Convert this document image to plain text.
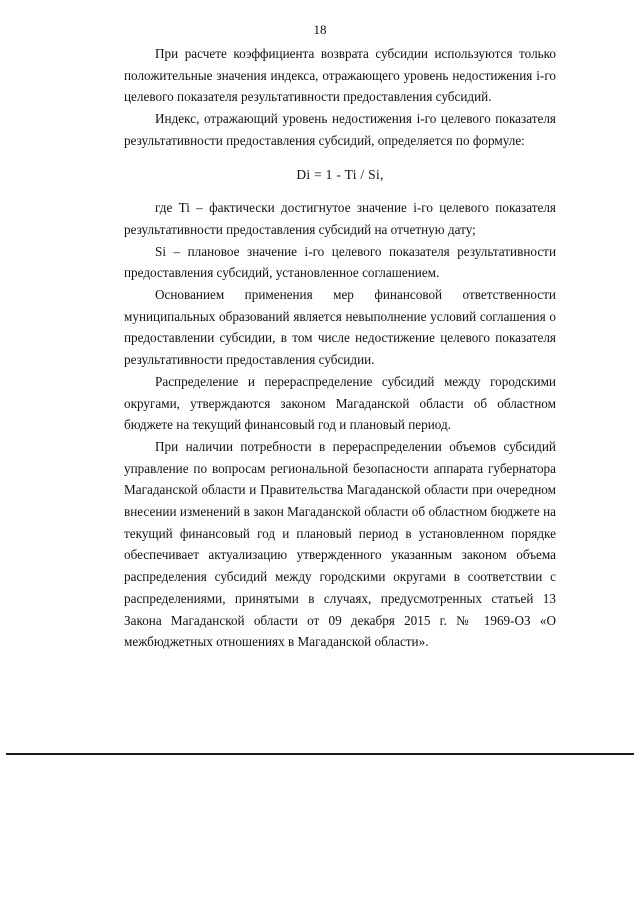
18

При расчете коэффициента возврата субсидии используются только положительные значения индекса, отражающего уровень недостижения i-го целевого показателя результативности предоставления субсидий.

Индекс, отражающий уровень недостижения i-го целевого показателя результативности предоставления субсидий, определяется по формуле:

Di = 1 - Ti / Si,

где Ti – фактически достигнутое значение i-го целевого показателя результативности предоставления субсидий на отчетную дату;

Si – плановое значение i-го целевого показателя результативности предоставления субсидий, установленное соглашением.

Основанием применения мер финансовой ответственности муниципальных образований является невыполнение условий соглашения о предоставлении субсидии, в том числе недостижение целевого показателя результативности предоставления субсидии.

Распределение и перераспределение субсидий между городскими округами, утверждаются законом Магаданской области об областном бюджете на текущий финансовый год и плановый период.

При наличии потребности в перераспределении объемов субсидий управление по вопросам региональной безопасности аппарата губернатора Магаданской области и Правительства Магаданской области при очередном внесении изменений в закон Магаданской области об областном бюджете на текущий финансовый год и плановый период в установленном порядке обеспечивает актуализацию утвержденного указанным законом объема распределения субсидий между городскими округами в соответствии с распределениями, принятыми в случаях, предусмотренных статьей 13 Закона Магаданской области от 09 декабря 2015 г. № 1969-ОЗ «О межбюджетных отношениях в Магаданской области».
